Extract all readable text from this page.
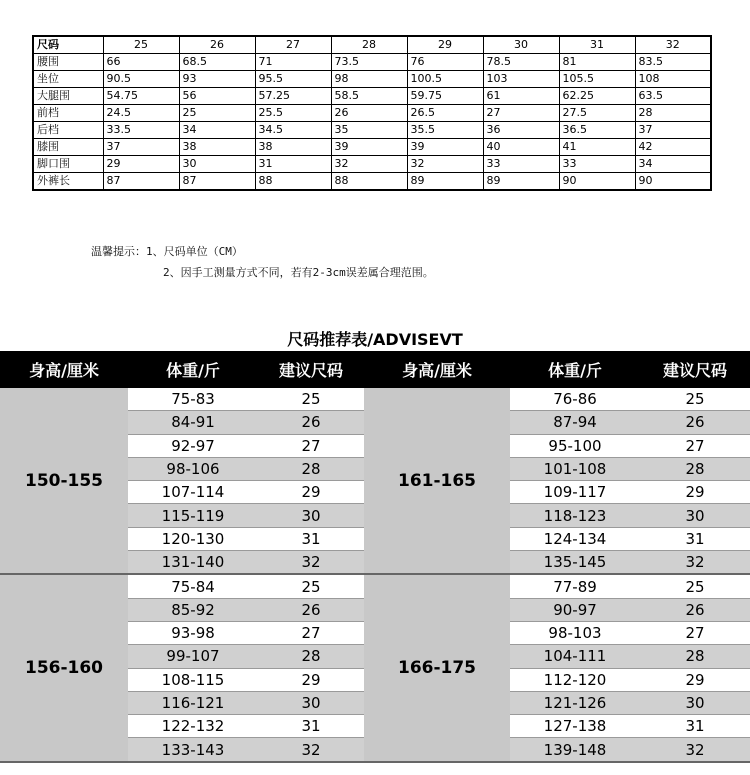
尺码	25	26	27	28	29	30	31	32
腰围	66	68.5	71	73.5	76	78.5	81	83.5
坐位	90.5	93	95.5	98	100.5	103	105.5	108
大腿围	54.75	56	57.25	58.5	59.75	61	62.25	63.5
前档	24.5	25	25.5	26	26.5	27	27.5	28
后档	33.5	34	34.5	35	35.5	36	36.5	37
膝围	37	38	38	39	39	40	41	42
脚口围	29	30	31	32	32	33	33	34
外裤长	87	87	88	88	89	89	90	90
温馨提示：1、尺码单位（CM）
2、因手工测量方式不同，若有2-3cm误差属合理范围。
尺码推荐表/ADVISEVT
身高/厘米	体重/斤	建议尺码	身高/厘米	体重/斤	建议尺码
150-155	75-83	25	161-165	76-86	25
	84-91	26		87-94	26
	92-97	27		95-100	27
	98-106	28		101-108	28
	107-114	29		109-117	29
	115-119	30		118-123	30
	120-130	31		124-134	31
	131-140	32		135-145	32
156-160	75-84	25	166-175	77-89	25
	85-92	26		90-97	26
	93-98	27		98-103	27
	99-107	28		104-111	28
	108-115	29		112-120	29
	116-121	30		121-126	30
	122-132	31		127-138	31
	133-143	32		139-148	32
